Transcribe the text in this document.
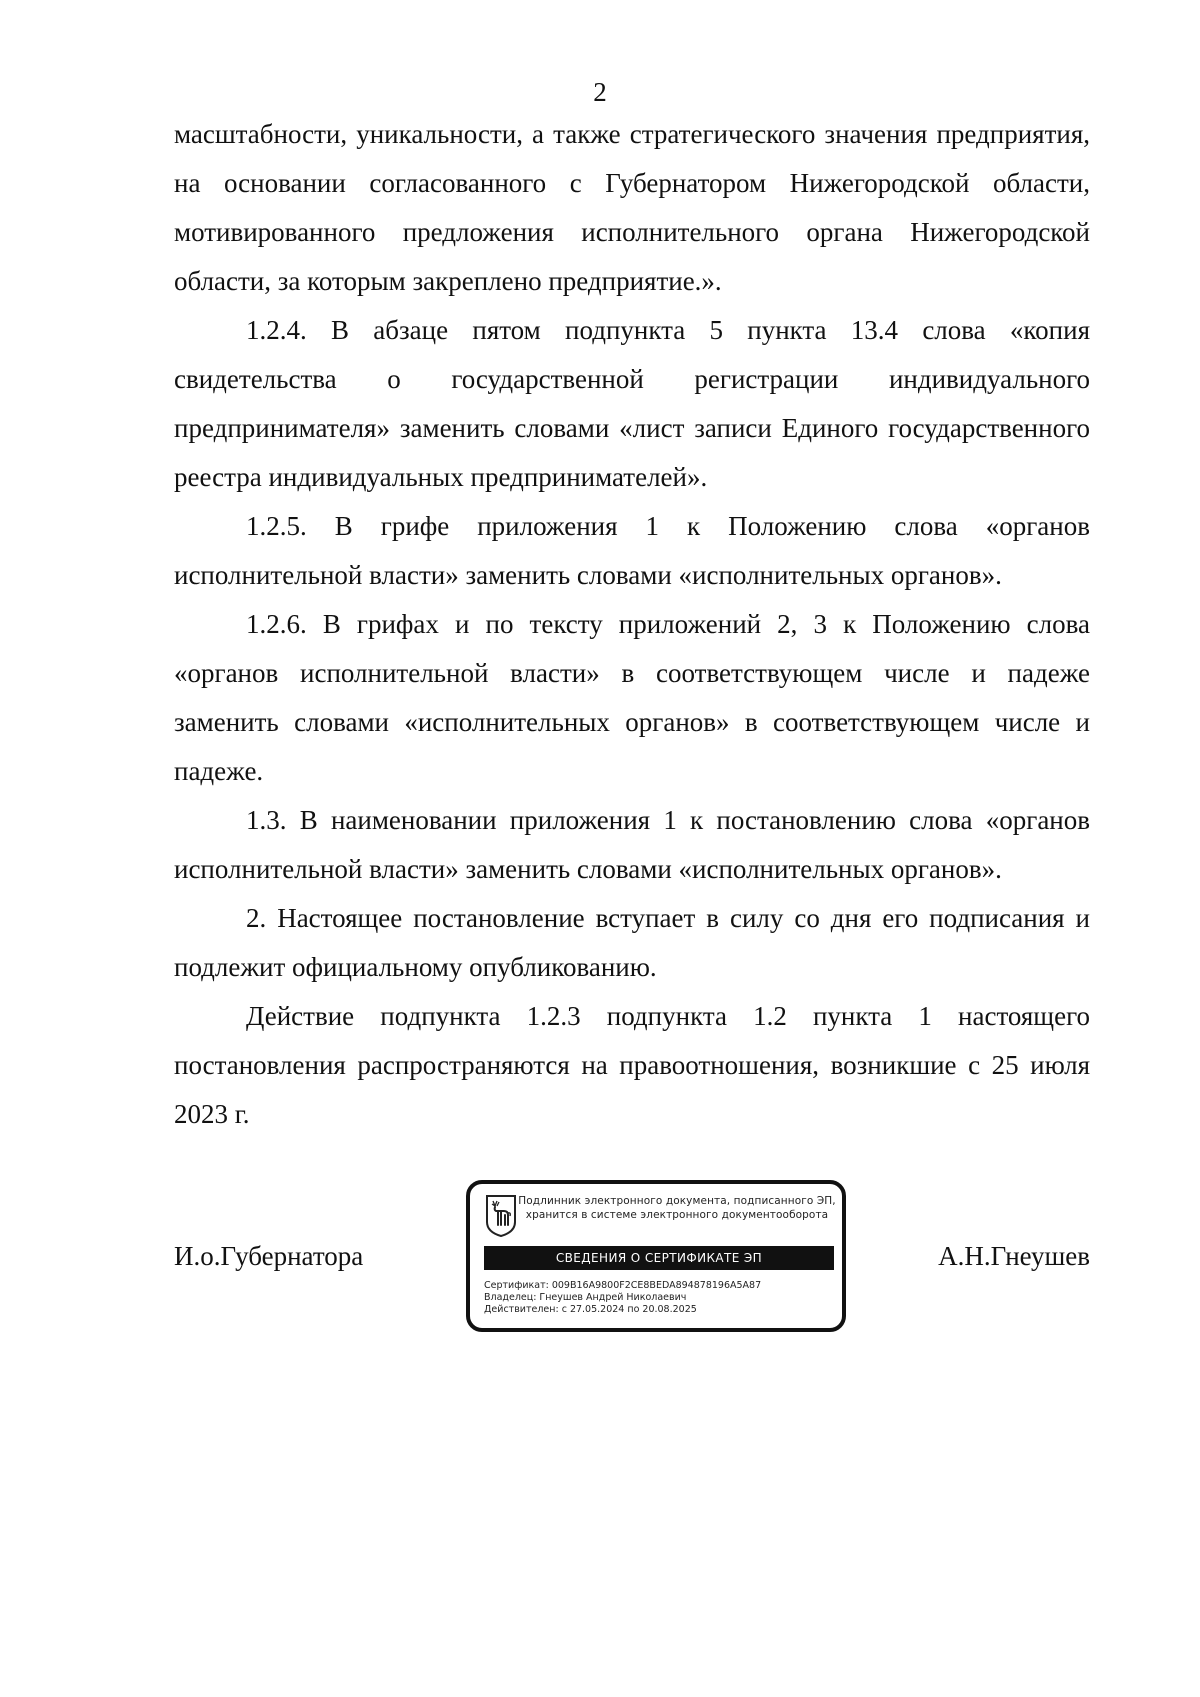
2

масштабности, уникальности, а также стратегического значения предприятия, на основании согласованного с Губернатором Нижегородской области, мотивированного предложения исполнительного органа Нижегородской области, за которым закреплено предприятие.».

1.2.4. В абзаце пятом подпункта 5 пункта 13.4 слова «копия свидетельства о государственной регистрации индивидуального предпринимателя» заменить словами «лист записи Единого государственного реестра индивидуальных предпринимателей».

1.2.5. В грифе приложения 1 к Положению слова «органов исполнительной власти» заменить словами «исполнительных органов».

1.2.6. В грифах и по тексту приложений 2, 3 к Положению слова «органов исполнительной власти» в соответствующем числе и падеже заменить словами «исполнительных органов» в соответствующем числе и падеже.

1.3. В наименовании приложения 1 к постановлению слова «органов исполнительной власти» заменить словами «исполнительных органов».

2. Настоящее постановление вступает в силу со дня его подписания и подлежит официальному опубликованию.

Действие подпункта 1.2.3 подпункта 1.2 пункта 1 настоящего постановления распространяются на правоотношения, возникшие с 25 июля 2023 г.

И.о.Губернатора	А.Н.Гнеушев
Подлинник электронного документа, подписанного ЭП,
хранится в системе электронного документооборота
СВЕДЕНИЯ О СЕРТИФИКАТЕ ЭП
Сертификат: 009B16A9800F2CE8BEDA894878196A5A87
Владелец: Гнеушев Андрей Николаевич
Действителен: с 27.05.2024 по 20.08.2025
